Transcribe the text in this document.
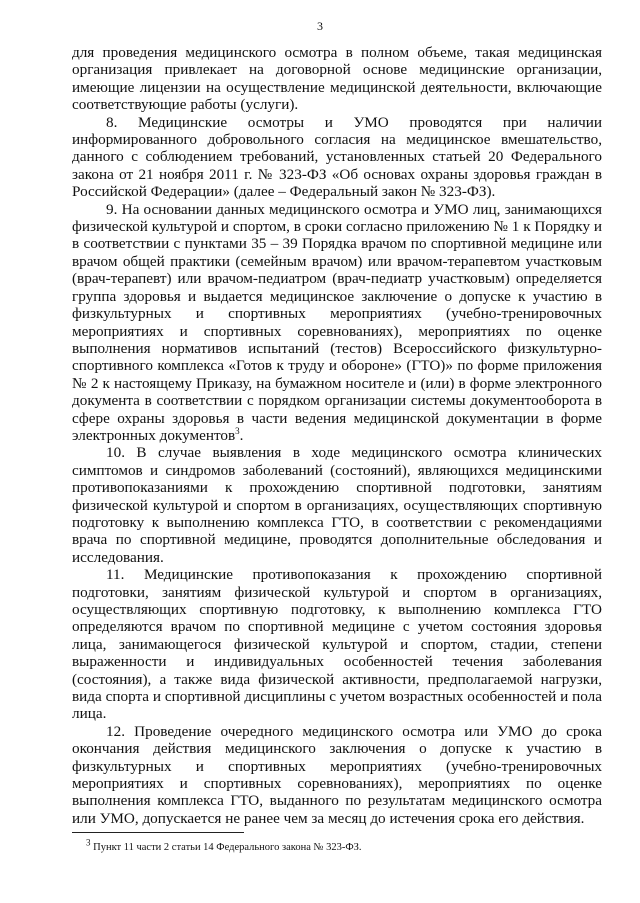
3

для проведения медицинского осмотра в полном объеме, такая медицинская организация привлекает на договорной основе медицинские организации, имеющие лицензии на осуществление медицинской деятельности, включающие соответствующие работы (услуги).

8. Медицинские осмотры и УМО проводятся при наличии информированного добровольного согласия на медицинское вмешательство, данного с соблюдением требований, установленных статьей 20 Федерального закона от 21 ноября 2011 г. № 323-ФЗ «Об основах охраны здоровья граждан в Российской Федерации» (далее – Федеральный закон № 323-ФЗ).

9. На основании данных медицинского осмотра и УМО лиц, занимающихся физической культурой и спортом, в сроки согласно приложению № 1 к Порядку и в соответствии с пунктами 35 – 39 Порядка врачом по спортивной медицине или врачом общей практики (семейным врачом) или врачом-терапевтом участковым (врач-терапевт) или врачом-педиатром (врач-педиатр участковым) определяется группа здоровья и выдается медицинское заключение о допуске к участию в физкультурных и спортивных мероприятиях (учебно-тренировочных мероприятиях и спортивных соревнованиях), мероприятиях по оценке выполнения нормативов испытаний (тестов) Всероссийского физкультурно-спортивного комплекса «Готов к труду и обороне» (ГТО)» по форме приложения № 2 к настоящему Приказу, на бумажном носителе и (или) в форме электронного документа в соответствии с порядком организации системы документооборота в сфере охраны здоровья в части ведения медицинской документации в форме электронных документов$^3$.

10. В случае выявления в ходе медицинского осмотра клинических симптомов и синдромов заболеваний (состояний), являющихся медицинскими противопоказаниями к прохождению спортивной подготовки, занятиям физической культурой и спортом в организациях, осуществляющих спортивную подготовку к выполнению комплекса ГТО, в соответствии с рекомендациями врача по спортивной медицине, проводятся дополнительные обследования и исследования.

11. Медицинские противопоказания к прохождению спортивной подготовки, занятиям физической культурой и спортом в организациях, осуществляющих спортивную подготовку, к выполнению комплекса ГТО определяются врачом по спортивной медицине с учетом состояния здоровья лица, занимающегося физической культурой и спортом, стадии, степени выраженности и индивидуальных особенностей течения заболевания (состояния), а также вида физической активности, предполагаемой нагрузки, вида спорта и спортивной дисциплины с учетом возрастных особенностей и пола лица.

12. Проведение очередного медицинского осмотра или УМО до срока окончания действия медицинского заключения о допуске к участию в физкультурных и спортивных мероприятиях (учебно-тренировочных мероприятиях и спортивных соревнованиях), мероприятиях по оценке выполнения комплекса ГТО, выданного по результатам медицинского осмотра или УМО, допускается не ранее чем за месяц до истечения срока его действия.

$^3$ Пункт 11 части 2 статьи 14 Федерального закона № 323-ФЗ.
